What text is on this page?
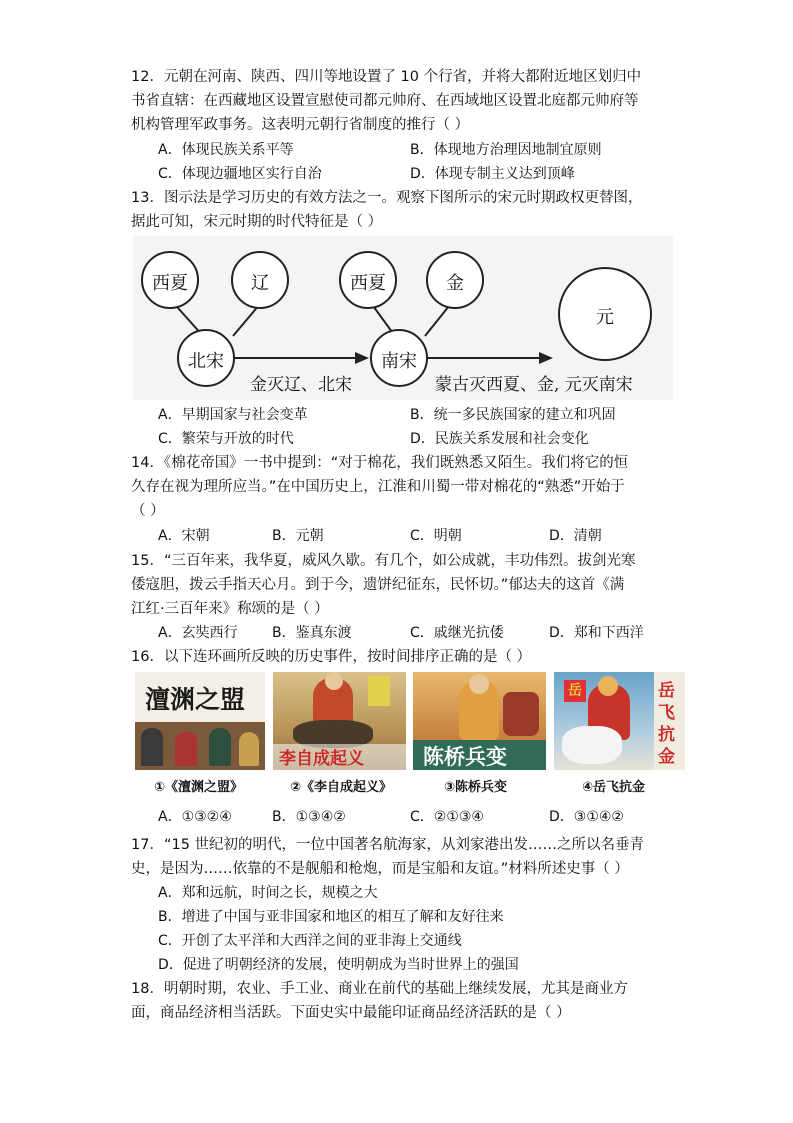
12．元朝在河南、陕西、四川等地设置了 10 个行省，并将大都附近地区划归中
书省直辖：在西藏地区设置宣慰使司都元帅府、在西域地区设置北庭都元帅府等
机构管理军政事务。这表明元朝行省制度的推行（ ）
A．体现民族关系平等	B．体现地方治理因地制宜原则
C．体现边疆地区实行自治	D．体现专制主义达到顶峰
13．图示法是学习历史的有效方法之一。观察下图所示的宋元时期政权更替图，
据此可知，宋元时期的时代特征是（ ）
西夏	辽
北宋
西夏	金
南宋
元
金灭辽、北宋	蒙古灭西夏、金, 元灭南宋
A．早期国家与社会变革	B．统一多民族国家的建立和巩固
C．繁荣与开放的时代	D．民族关系发展和社会变化
14．《棉花帝国》一书中提到：“对于棉花，我们既熟悉又陌生。我们将它的恒
久存在视为理所应当。”在中国历史上，江淮和川蜀一带对棉花的“熟悉”开始于
（ ）
A．宋朝	B．元朝	C．明朝	D．清朝
15．“三百年来，我华夏，威风久歇。有几个，如公成就，丰功伟烈。拔剑光寒
倭寇胆，拨云手指天心月。到于今，遗饼纪征东，民怀切。”郁达夫的这首《满
江红·三百年来》称颂的是（ ）
A．玄奘西行 B．鉴真东渡	C．戚继光抗倭	D．郑和下西洋
16．以下连环画所反映的历史事件，按时间排序正确的是（ ）
澶渊之盟
李自成起义	陈桥兵变
岳	岳飞抗金
①《澶渊之盟》	②《李自成起义》	③陈桥兵变	④岳飞抗金
A．①③②④	B．①③④②	C．②①③④	D．③①④②
17．“15 世纪初的明代，一位中国著名航海家，从刘家港出发……之所以名垂青
史，是因为……依靠的不是舰船和枪炮，而是宝船和友谊。”材料所述史事（ ）
A．郑和远航，时间之长，规模之大
B．增进了中国与亚非国家和地区的相互了解和友好往来
C．开创了太平洋和大西洋之间的亚非海上交通线
D．促进了明朝经济的发展，使明朝成为当时世界上的强国
18．明朝时期，农业、手工业、商业在前代的基础上继续发展，尤其是商业方
面，商品经济相当活跃。下面史实中最能印证商品经济活跃的是（ ）
